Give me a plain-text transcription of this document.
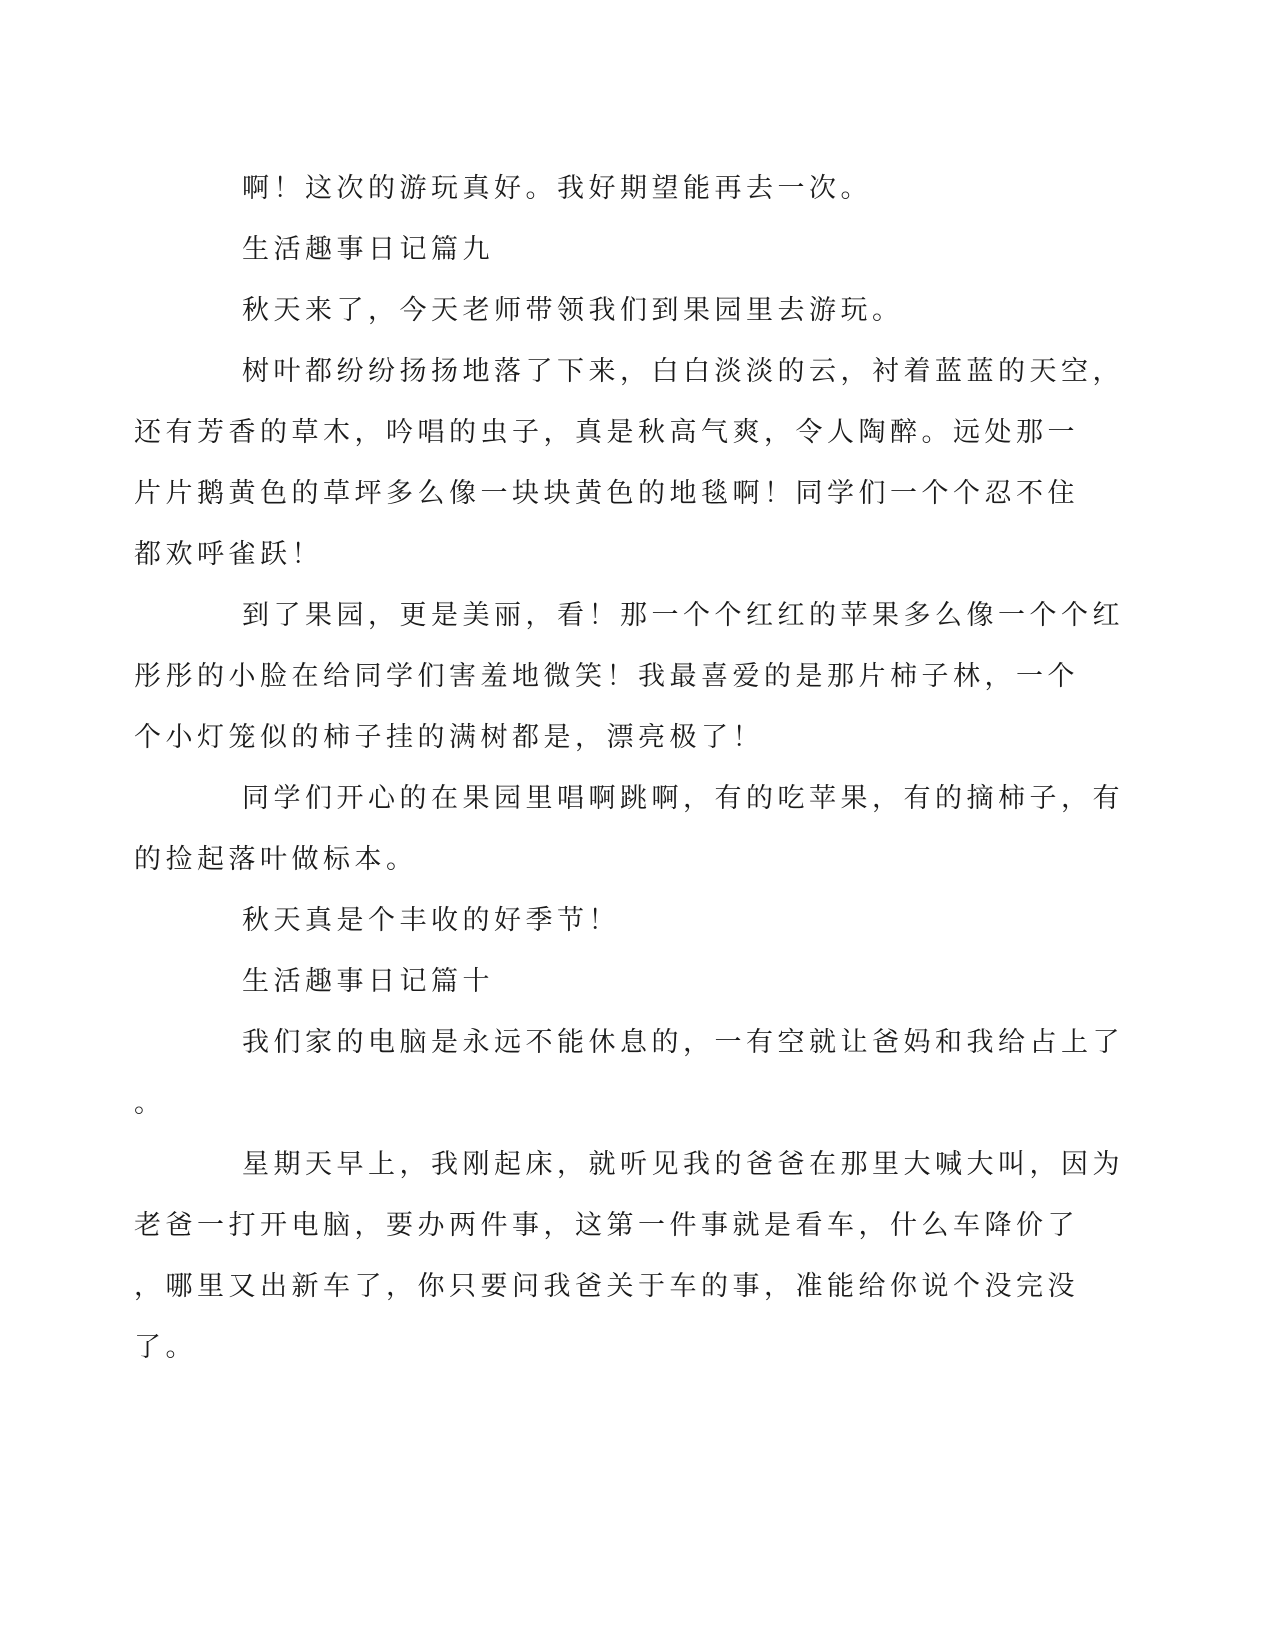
啊！这次的游玩真好。我好期望能再去一次。

生活趣事日记篇九

秋天来了，今天老师带领我们到果园里去游玩。

树叶都纷纷扬扬地落了下来，白白淡淡的云，衬着蓝蓝的天空，
还有芳香的草木，吟唱的虫子，真是秋高气爽，令人陶醉。远处那一
片片鹅黄色的草坪多么像一块块黄色的地毯啊！同学们一个个忍不住
都欢呼雀跃！

到了果园，更是美丽，看！那一个个红红的苹果多么像一个个红
彤彤的小脸在给同学们害羞地微笑！我最喜爱的是那片柿子林，一个
个小灯笼似的柿子挂的满树都是，漂亮极了！

同学们开心的在果园里唱啊跳啊，有的吃苹果，有的摘柿子，有
的捡起落叶做标本。

秋天真是个丰收的好季节！

生活趣事日记篇十

我们家的电脑是永远不能休息的，一有空就让爸妈和我给占上了
。

星期天早上，我刚起床，就听见我的爸爸在那里大喊大叫，因为
老爸一打开电脑，要办两件事，这第一件事就是看车，什么车降价了
，哪里又出新车了，你只要问我爸关于车的事，准能给你说个没完没
了。
